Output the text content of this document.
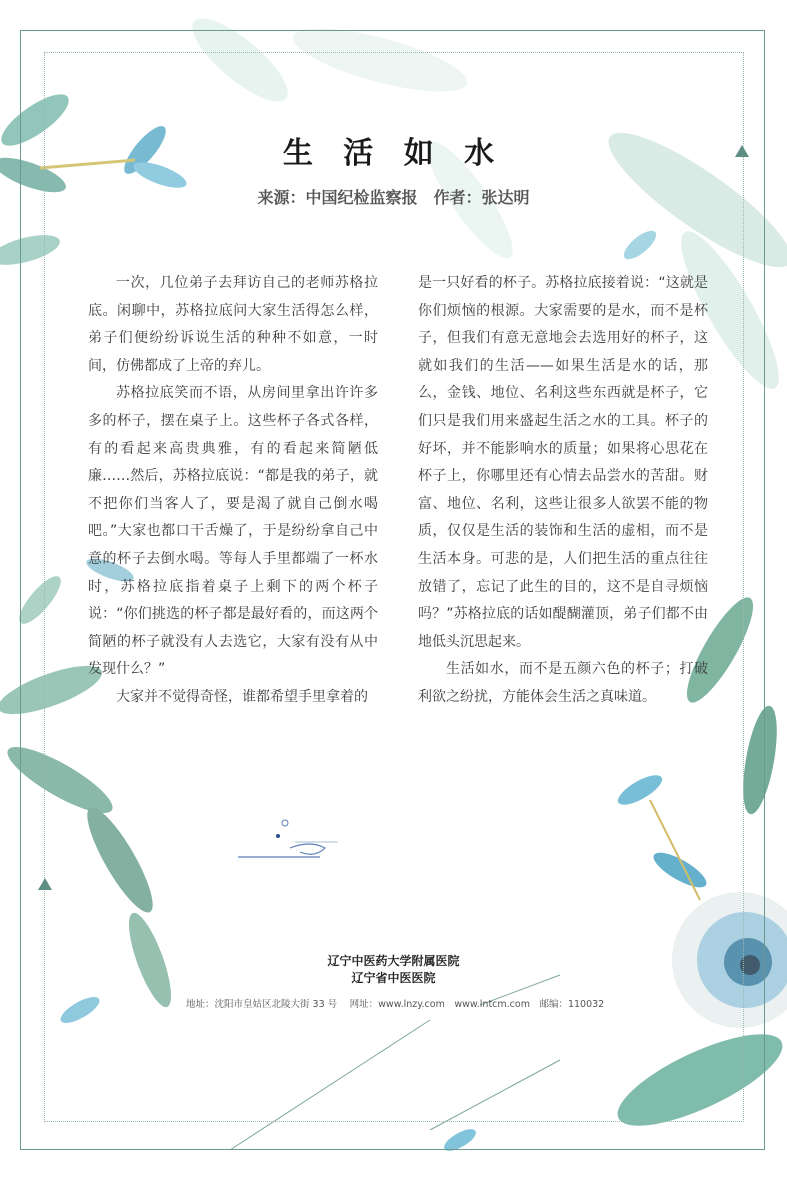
生 活 如 水
来源：中国纪检监察报　作者：张达明

一次，几位弟子去拜访自己的老师苏格拉底。闲聊中，苏格拉底问大家生活得怎么样，弟子们便纷纷诉说生活的种种不如意，一时间，仿佛都成了上帝的弃儿。

苏格拉底笑而不语，从房间里拿出许许多多的杯子，摆在桌子上。这些杯子各式各样，有的看起来高贵典雅，有的看起来简陋低廉……然后，苏格拉底说：“都是我的弟子，就不把你们当客人了，要是渴了就自己倒水喝吧。”大家也都口干舌燥了，于是纷纷拿自己中意的杯子去倒水喝。等每人手里都端了一杯水时，苏格拉底指着桌子上剩下的两个杯子说：“你们挑选的杯子都是最好看的，而这两个简陋的杯子就没有人去选它，大家有没有从中发现什么？”

大家并不觉得奇怪，谁都希望手里拿着的

是一只好看的杯子。苏格拉底接着说：“这就是你们烦恼的根源。大家需要的是水，而不是杯子，但我们有意无意地会去选用好的杯子，这就如我们的生活——如果生活是水的话，那么，金钱、地位、名利这些东西就是杯子，它们只是我们用来盛起生活之水的工具。杯子的好坏，并不能影响水的质量；如果将心思花在杯子上，你哪里还有心情去品尝水的苦甜。财富、地位、名利，这些让很多人欲罢不能的物质，仅仅是生活的装饰和生活的虚相，而不是生活本身。可悲的是，人们把生活的重点往往放错了，忘记了此生的目的，这不是自寻烦恼吗？”苏格拉底的话如醍醐灌顶，弟子们都不由地低头沉思起来。

生活如水，而不是五颜六色的杯子；打破利欲之纷扰，方能体会生活之真味道。

辽宁中医药大学附属医院
辽宁省中医医院
地址：沈阳市皇姑区北陵大街 33 号　 网址：www.lnzy.com　www.lntcm.com　邮编：110032
